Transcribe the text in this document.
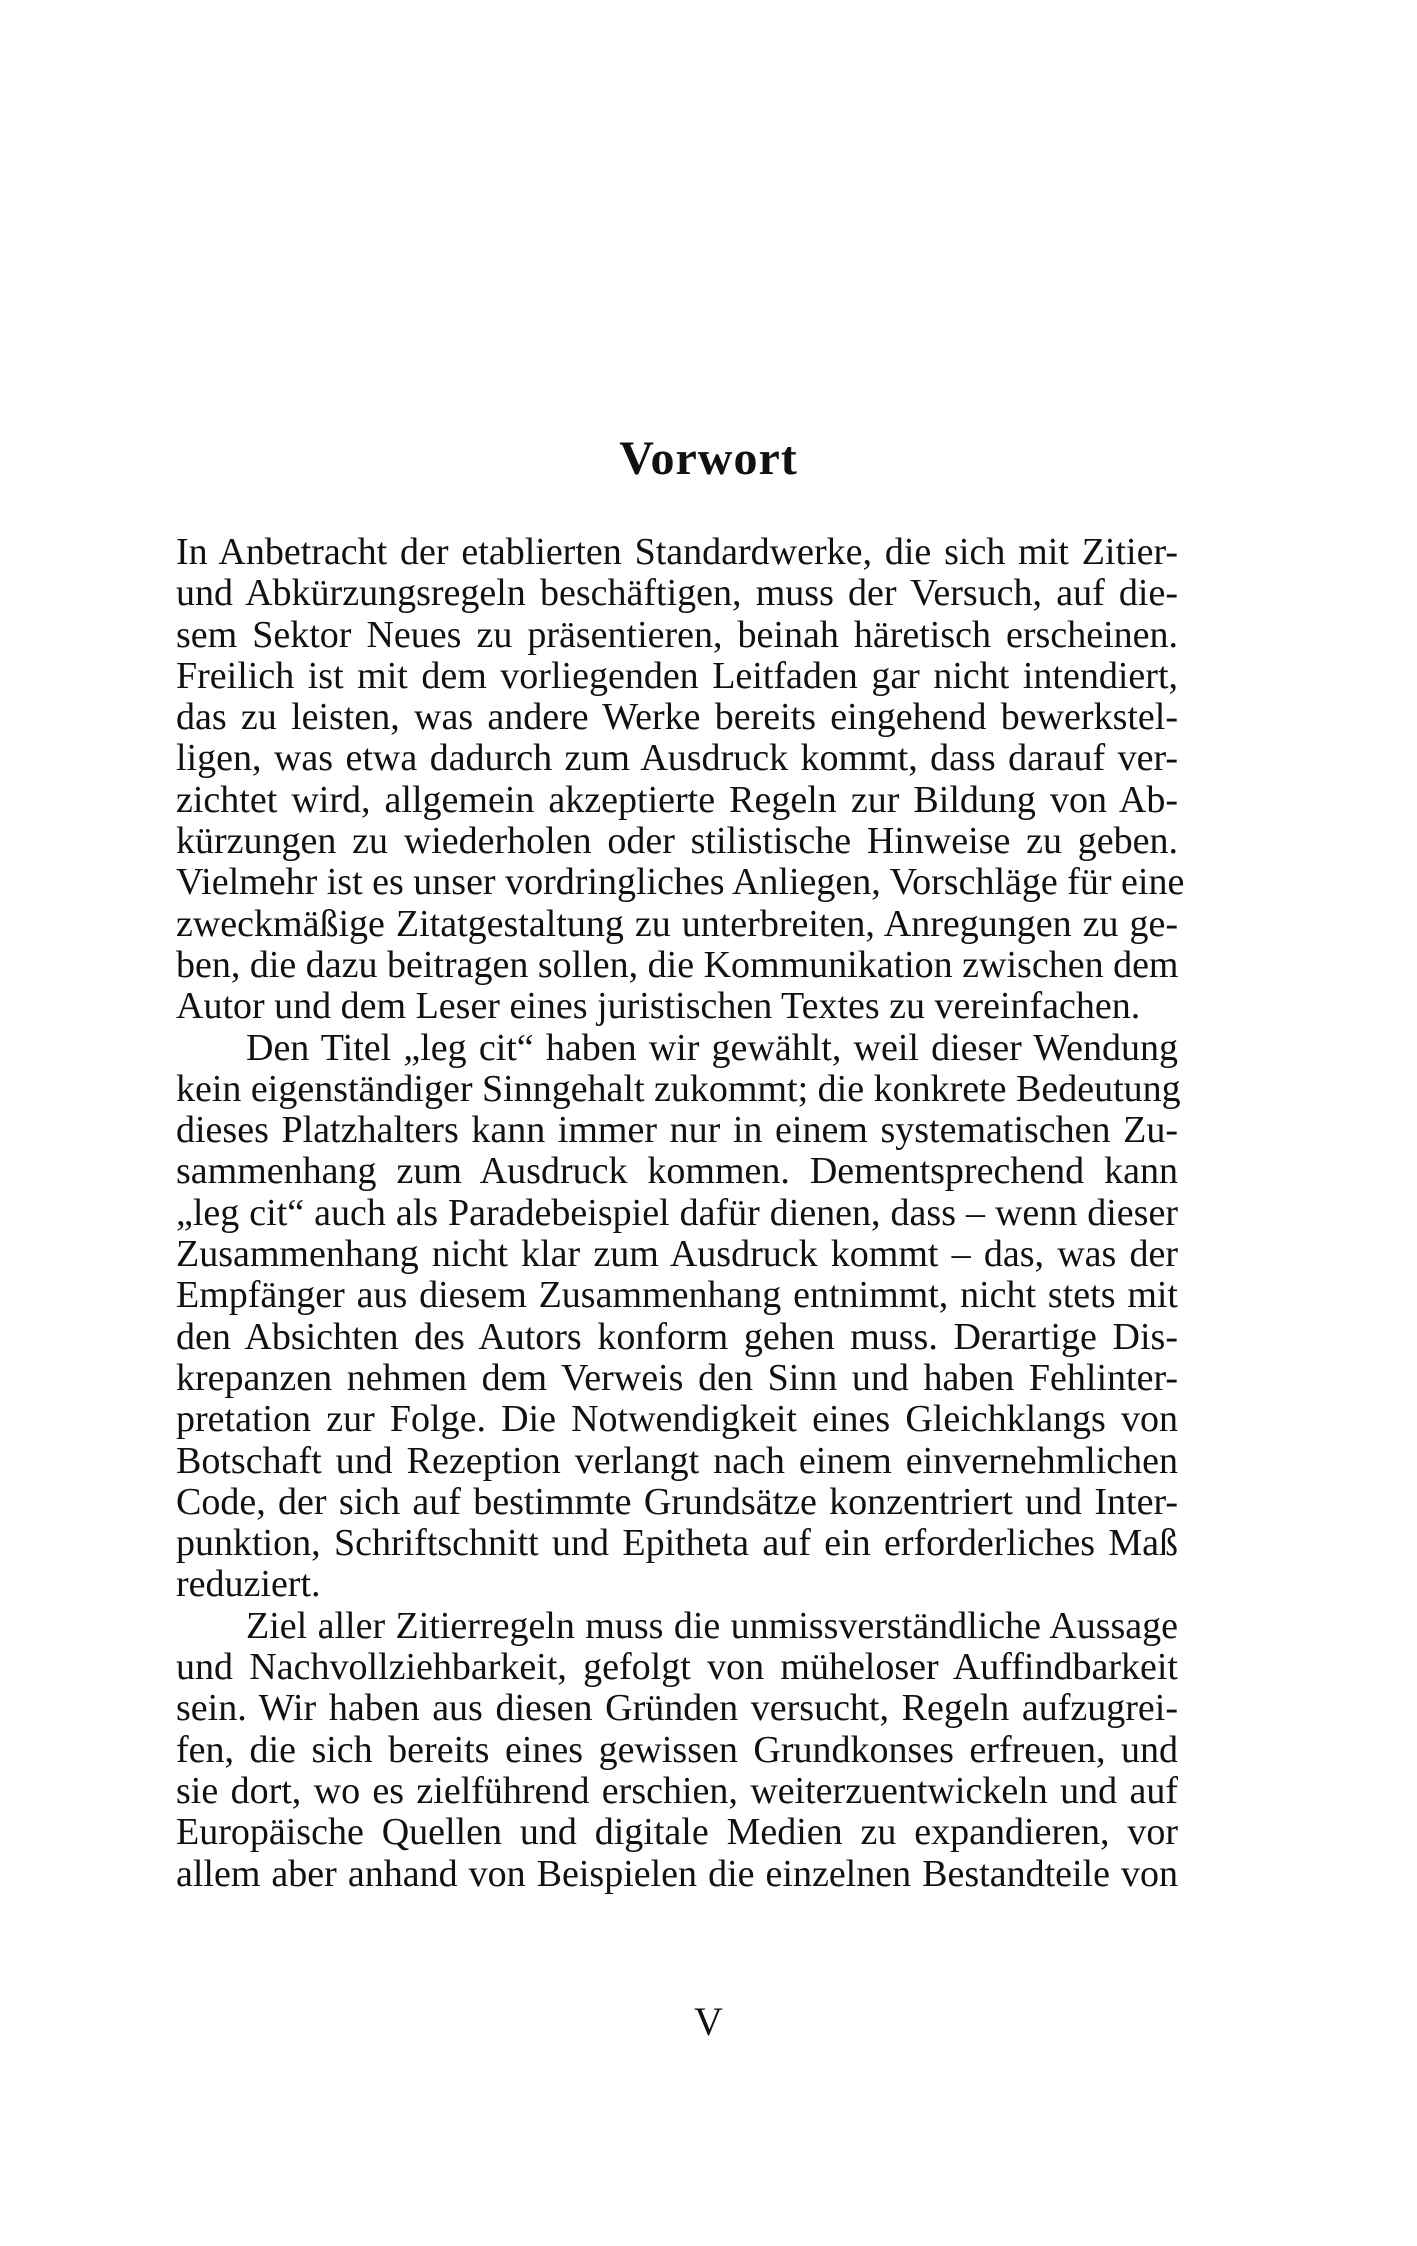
Vorwort
In Anbetracht der etablierten Standardwerke, die sich mit Zitier-
und Abkürzungsregeln beschäftigen, muss der Versuch, auf die-
sem Sektor Neues zu präsentieren, beinah häretisch erscheinen.
Freilich ist mit dem vorliegenden Leitfaden gar nicht intendiert,
das zu leisten, was andere Werke bereits eingehend bewerkstel-
ligen, was etwa dadurch zum Ausdruck kommt, dass darauf ver-
zichtet wird, allgemein akzeptierte Regeln zur Bildung von Ab-
kürzungen zu wiederholen oder stilistische Hinweise zu geben.
Vielmehr ist es unser vordringliches Anliegen, Vorschläge für eine
zweckmäßige Zitatgestaltung zu unterbreiten, Anregungen zu ge-
ben, die dazu beitragen sollen, die Kommunikation zwischen dem
Autor und dem Leser eines juristischen Textes zu vereinfachen.
Den Titel „leg cit“ haben wir gewählt, weil dieser Wendung
kein eigenständiger Sinngehalt zukommt; die konkrete Bedeutung
dieses Platzhalters kann immer nur in einem systematischen Zu-
sammenhang zum Ausdruck kommen. Dementsprechend kann
„leg cit“ auch als Paradebeispiel dafür dienen, dass – wenn dieser
Zusammenhang nicht klar zum Ausdruck kommt – das, was der
Empfänger aus diesem Zusammenhang entnimmt, nicht stets mit
den Absichten des Autors konform gehen muss. Derartige Dis-
krepanzen nehmen dem Verweis den Sinn und haben Fehlinter-
pretation zur Folge. Die Notwendigkeit eines Gleichklangs von
Botschaft und Rezeption verlangt nach einem einvernehmlichen
Code, der sich auf bestimmte Grundsätze konzentriert und Inter-
punktion, Schriftschnitt und Epitheta auf ein erforderliches Maß
reduziert.
Ziel aller Zitierregeln muss die unmissverständliche Aussage
und Nachvollziehbarkeit, gefolgt von müheloser Auffindbarkeit
sein. Wir haben aus diesen Gründen versucht, Regeln aufzugrei-
fen, die sich bereits eines gewissen Grundkonses erfreuen, und
sie dort, wo es zielführend erschien, weiterzuentwickeln und auf
Europäische Quellen und digitale Medien zu expandieren, vor
allem aber anhand von Beispielen die einzelnen Bestandteile von
V
